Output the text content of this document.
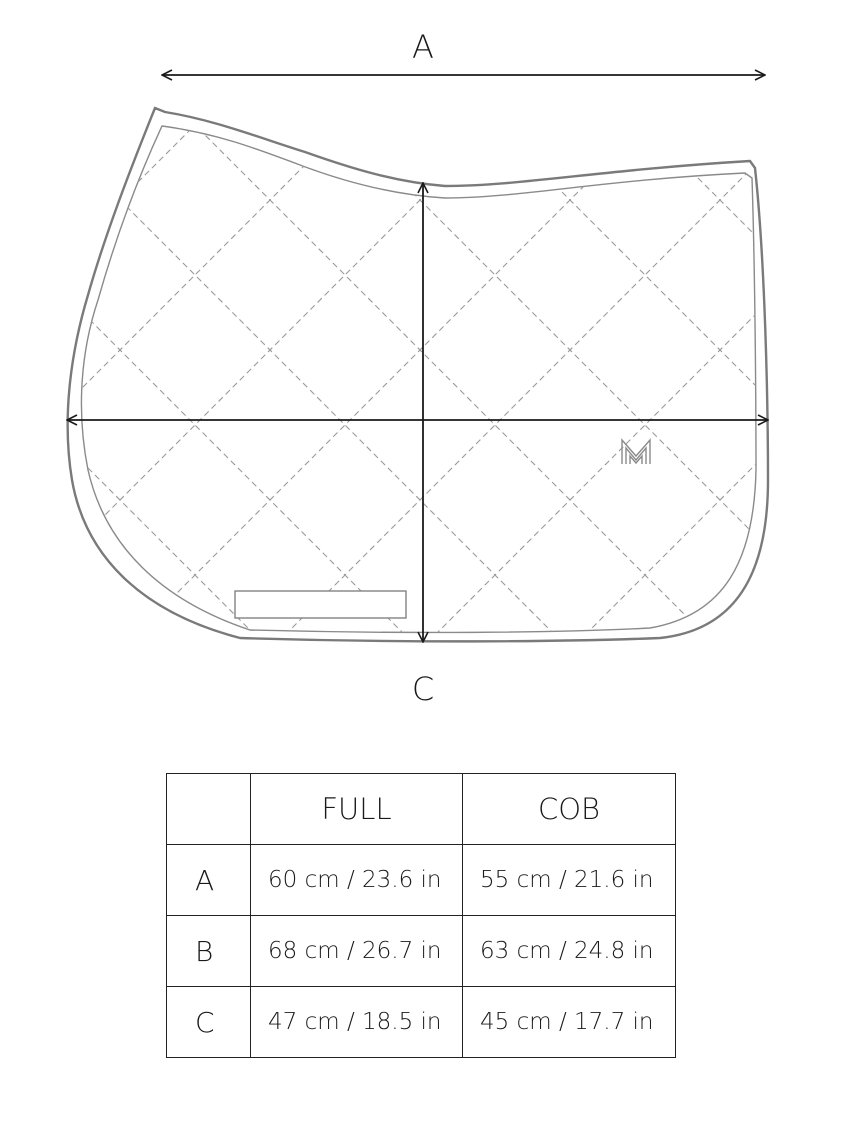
A
C
	FULL	COB
A	60 cm / 23.6 in	55 cm / 21.6 in
B	68 cm / 26.7 in	63 cm / 24.8 in
C	47 cm / 18.5 in	45 cm / 17.7 in
